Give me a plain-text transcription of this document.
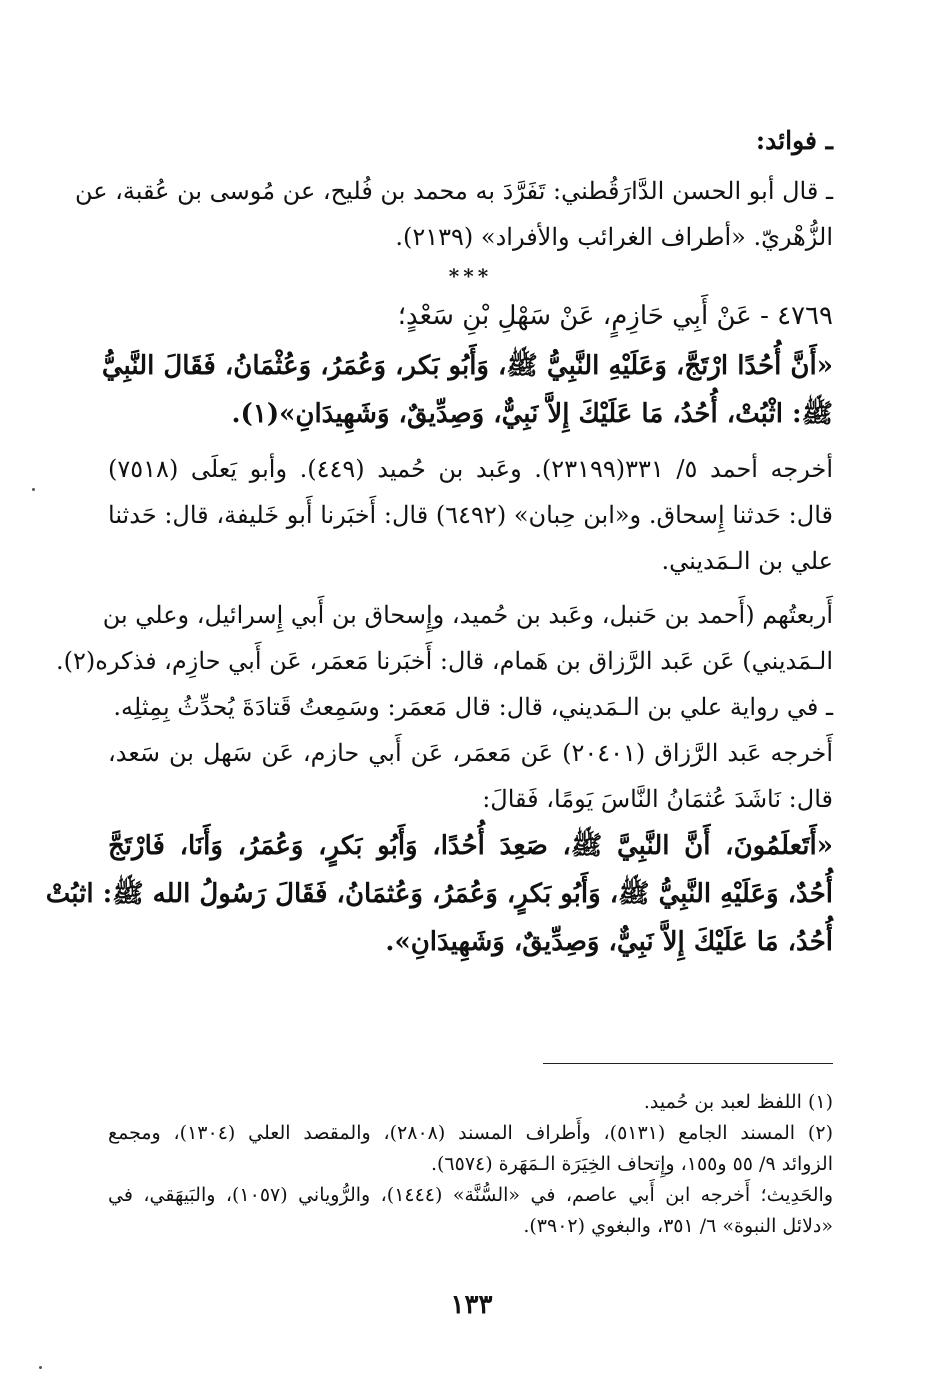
ـ فوائد:
ـ قال أبو الحسن الدَّارَقُطني: تَفَرَّدَ به محمد بن فُليح، عن مُوسى بن عُقبة، عن
الزُّهْريّ. «أطراف الغرائب والأفراد» (٢١٣٩).
***
٤٧٦٩ - عَنْ أَبِي حَازِمٍ، عَنْ سَهْلِ بْنِ سَعْدٍ؛
«أَنَّ أُحُدًا ارْتَجَّ، وَعَلَيْهِ النَّبِيُّ ﷺ، وَأَبُو بَكر، وَعُمَرُ، وَعُثْمَانُ، فَقَالَ النَّبِيُّ
ﷺ: اثْبُتْ، أُحُدُ، مَا عَلَيْكَ إِلاَّ نَبِيٌّ، وَصِدِّيقٌ، وَشَهِيدَانِ»(١).
أخرجه أحمد ٥/ ٣٣١(٢٣١٩٩). وعَبد بن حُميد (٤٤٩). وأبو يَعلَى (٧٥١٨)
قال: حَدثنا إِسحاق. و«ابن حِبان» (٦٤٩٢) قال: أَخبَرنا أَبو خَليفة، قال: حَدثنا
علي بن الـمَديني.
أَربعتُهم (أَحمد بن حَنبل، وعَبد بن حُميد، وإِسحاق بن أَبي إِسرائيل، وعلي بن
الـمَديني) عَن عَبد الرَّزاق بن هَمام، قال: أَخبَرنا مَعمَر، عَن أَبي حازِم، فذكره(٢).
ـ في رواية علي بن الـمَديني، قال: قال مَعمَر: وسَمِعتُ قَتادَةَ يُحدِّثُ بِمِثلِه.
أَخرجه عَبد الرَّزاق (٢٠٤٠١) عَن مَعمَر، عَن أَبي حازم، عَن سَهل بن سَعد،
قال: نَاشَدَ عُثمَانُ النَّاسَ يَومًا، فَقالَ:
«أَتَعلَمُونَ، أَنَّ النَّبِيَّ ﷺ، صَعِدَ أُحُدًا، وَأَبُو بَكرٍ، وَعُمَرُ، وَأَنَا، فَارْتَجَّ
أُحُدٌ، وَعَلَيْهِ النَّبِيُّ ﷺ، وَأَبُو بَكرٍ، وَعُمَرُ، وَعُثمَانُ، فَقَالَ رَسُولُ الله ﷺ: اثبُتْ
أُحُدُ، مَا عَلَيْكَ إِلاَّ نَبِيٌّ، وَصِدِّيقٌ، وَشَهِيدَانِ».
(١) اللفظ لعبد بن حُميد.
(٢) المسند الجامع (٥١٣١)، وأَطراف المسند (٢٨٠٨)، والمقصد العلي (١٣٠٤)، ومجمع
الزوائد ٩/ ٥٥ و١٥٥، وإِتحاف الخِيَرَة الـمَهَرة (٦٥٧٤).
والحَدِيث؛ أَخرجه ابن أَبي عاصم، في «السُّنَّة» (١٤٤٤)، والرُّوياني (١٠٥٧)، والبَيهَقي، في
«دلائل النبوة» ٦/ ٣٥١، والبغوي (٣٩٠٢).
١٣٣
